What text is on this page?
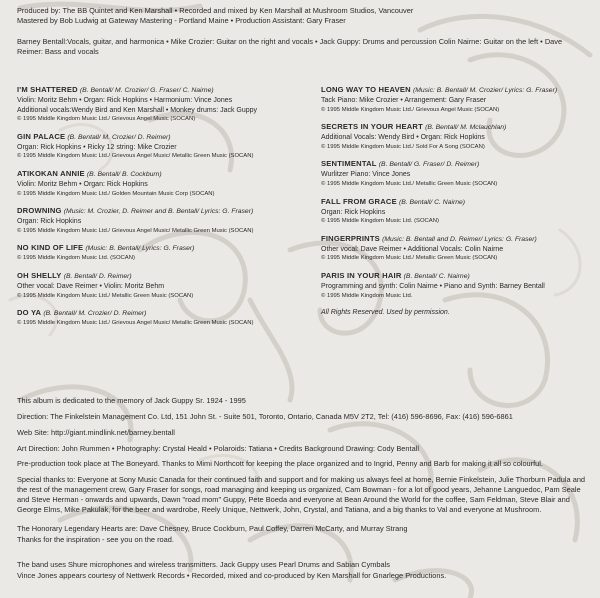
Produced by: The BB Quintet and Ken Marshall • Recorded and mixed by Ken Marshall at Mushroom Studios, Vancouver

Mastered by Bob Ludwig at Gateway Mastering - Portland Maine • Production Assistant: Gary Fraser

Barney Bentall:Vocals, guitar, and harmonica • Mike Crozier: Guitar on the right and vocals • Jack Guppy: Drums and percussion Colin Nairne: Guitar on the left • Dave Reimer: Bass and vocals

I'M SHATTERED (B. Bentall/ M. Crozier/ G. Fraser/ C. Nairne)
Violin: Moritz Behm • Organ: Rick Hopkins • Harmonium: Vince Jones
Additional vocals:Wendy Bird and Ken Marshall • Monkey drums: Jack Guppy
© 1995 Middle Kingdom Music Ltd./ Grievous Angel Music (SOCAN)
GIN PALACE (B. Bentall/ M. Crozier/ D. Reimer)
Organ: Rick Hopkins • Ricky 12 string: Mike Crozier
© 1995 Middle Kingdom Music Ltd./ Grievous Angel Music/ Metallic Green Music (SOCAN)
ATIKOKAN ANNIE (B. Bentall/ B. Cockburn)
Violin: Moritz Behm • Organ: Rick Hopkins
© 1995 Middle Kingdom Music Ltd./ Golden Mountain Music Corp (SOCAN)
DROWNING (Music: M. Crozier, D. Reimer and B. Bentall/ Lyrics: G. Fraser)
Organ: Rick Hopkins
© 1995 Middle Kingdom Music Ltd./ Grievous Angel Music/ Metallic Green Music (SOCAN)
NO KIND OF LIFE (Music: B. Bentall/ Lyrics: G. Fraser)
© 1995 Middle Kingdom Music Ltd. (SOCAN)
OH SHELLY (B. Bentall/ D. Reimer)
Other vocal: Dave Reimer • Violin: Moritz Behm
© 1995 Middle Kingdom Music Ltd./ Metallic Green Music (SOCAN)
DO YA (B. Bentall/ M. Crozier/ D. Reimer)
© 1995 Middle Kingdom Music Ltd./ Grievous Angel Music/ Metallic Green Music (SOCAN)
LONG WAY TO HEAVEN (Music: B. Bentall/ M. Crozier/ Lyrics: G. Fraser)
Tack Piano: Mike Crozier • Arrangement: Gary Fraser
© 1995 Middle Kingdom Music Ltd./ Grievous Angel Music (SOCAN)
SECRETS IN YOUR HEART (B. Bentall/ M. Mclauchlan)
Additional Vocals: Wendy Bird • Organ: Rick Hopkins
© 1995 Middle Kingdom Music Ltd./ Sold For A Song (SOCAN)
SENTIMENTAL (B. Bentall/ G. Fraser/ D. Reimer)
Wurlitzer Piano: Vince Jones
© 1995 Middle Kingdom Music Ltd./ Metallic Green Music (SOCAN)
FALL FROM GRACE (B. Bentall/ C. Nairne)
Organ: Rick Hopkins
© 1995 Middle Kingdom Music Ltd. (SOCAN)
FINGERPRINTS (Music: B. Bentall and D. Reimer/ Lyrics: G. Fraser)
Other vocal: Dave Reimer • Additional Vocals: Colin Nairne
© 1995 Middle Kingdom Music Ltd./ Metallic Green Music (SOCAN)
PARIS IN YOUR HAIR (B. Bentall/ C. Nairne)
Programming and synth: Colin Nairne • Piano and Synth: Barney Bentall
© 1995 Middle Kingdom Music Ltd.
All Rights Reserved. Used by permission.

This album is dedicated to the memory of Jack Guppy Sr. 1924 - 1995

Direction: The Finkelstein Management Co. Ltd, 151 John St. - Suite 501, Toronto, Ontario, Canada M5V 2T2, Tel: (416) 596-8696, Fax: (416) 596-6861

Web Site: http://giant.mindlink.net/barney.bentall

Art Direction: John Rummen • Photography: Crystal Heald • Polaroids: Tatiana • Credits Background Drawing: Cody Bentall

Pre-production took place at The Boneyard. Thanks to Mimi Northcott for keeping the place organized and to Ingrid, Penny and Barb for making it all so colourful.

Special thanks to: Everyone at Sony Music Canada for their continued faith and support and for making us always feel at home, Bernie Finkelstein, Julie Thorburn Padula and the rest of the management crew, Gary Fraser for songs, road managing and keeping us organized, Cam Bowman - for a lot of good years, Jehanne Languedoc, Pam Seale and Steve Herman - onwards and upwards, Dawn "road mom" Guppy, Pete Boeda and everyone at Bean Around the World for the coffee, Sam Feldman, Steve Blair and George Elms, Mike Pakulak, for the beer and wardrobe, Reely Unique, Nettwerk, John, Crystal, and Tatiana, and a big thanks to Val and everyone at Mushroom.

The Honorary Legendary Hearts are: Dave Chesney, Bruce Cockburn, Paul Coffey, Darren McCarty, and Murray Strang

Thanks for the inspiration - see you on the road.

The band uses Shure microphones and wireless transmitters. Jack Guppy uses Pearl Drums and Sabian Cymbals

Vince Jones appears courtesy of Nettwerk Records • Recorded, mixed and co-produced by Ken Marshall for Gnarlege Productions.
